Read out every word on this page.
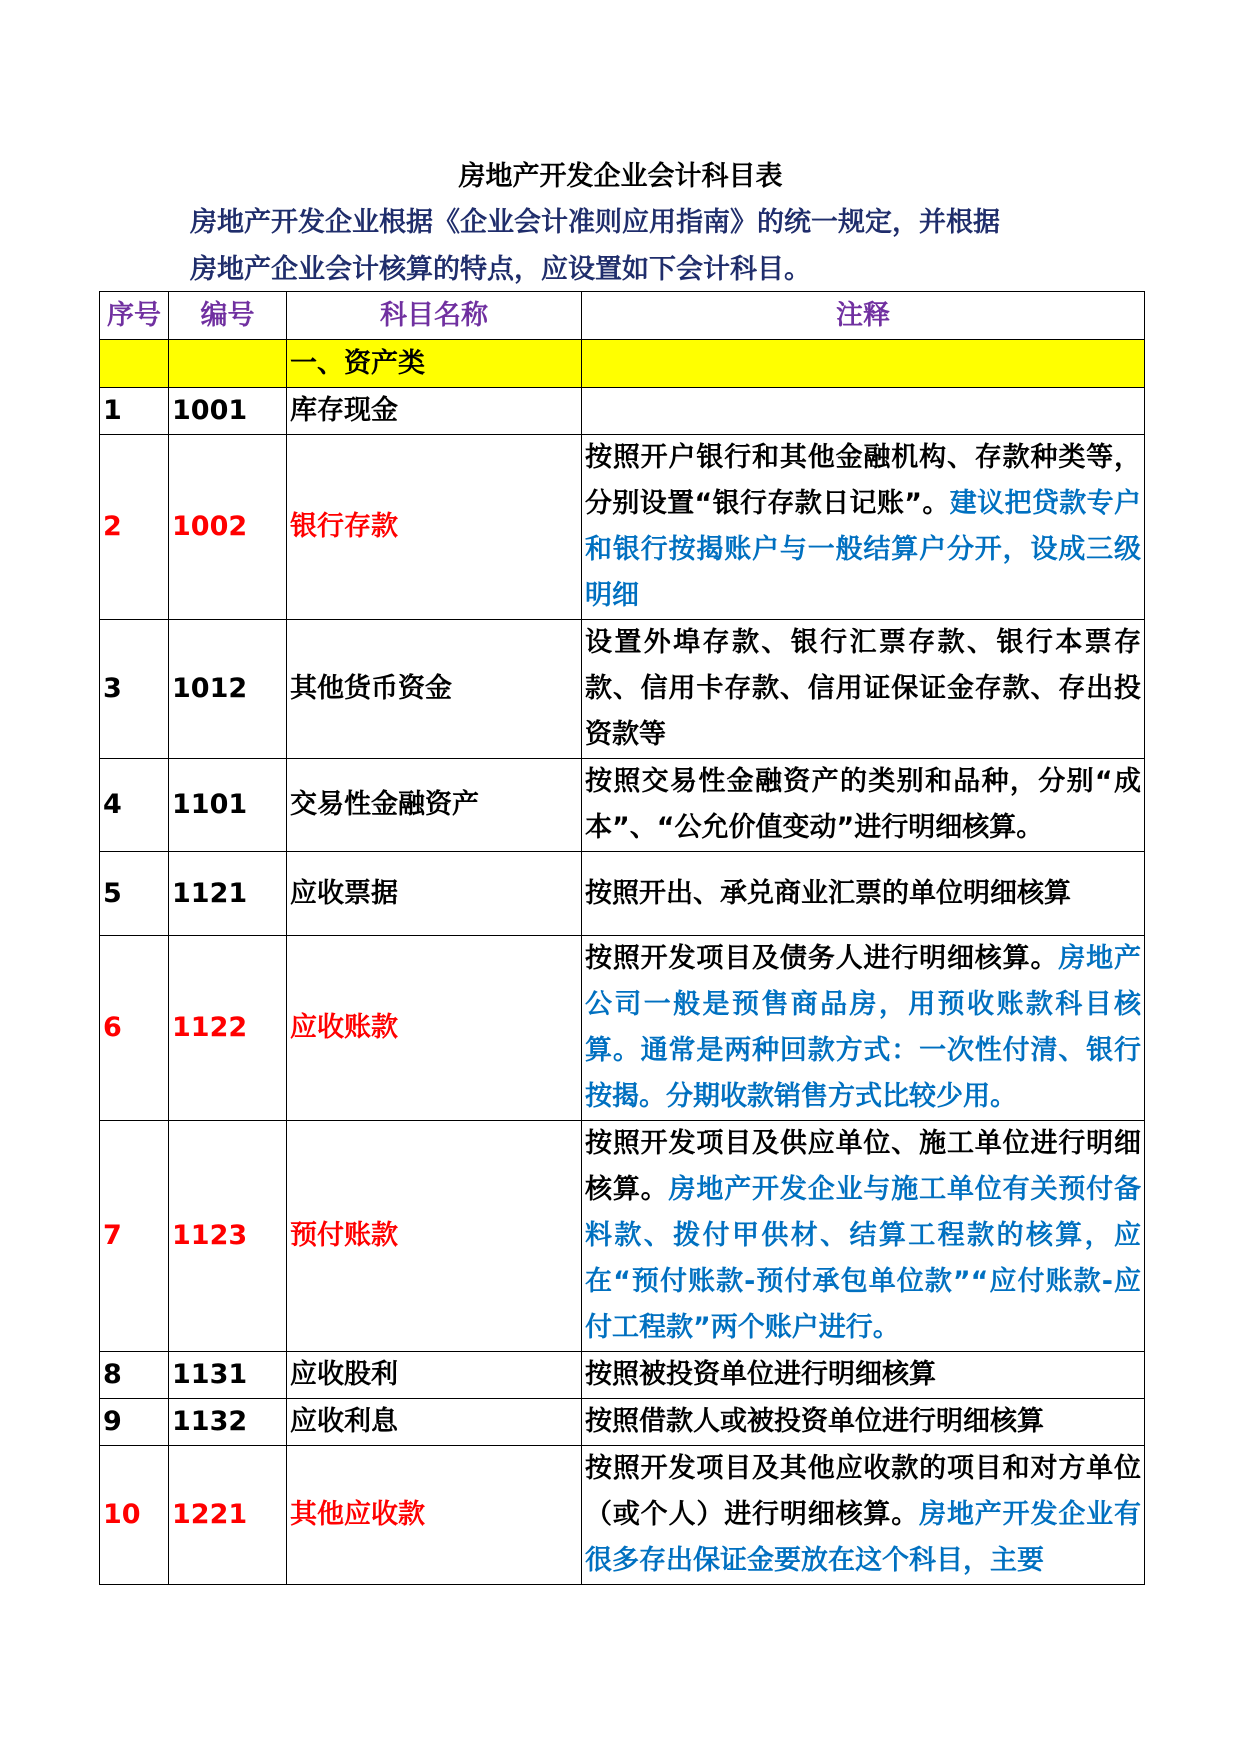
房地产开发企业会计科目表
房地产开发企业根据《企业会计准则应用指南》的统一规定，并根据
房地产企业会计核算的特点，应设置如下会计科目。
序号	编号	科目名称	注释
		一、资产类	
1	1001	库存现金	
2	1002	银行存款	按照开户银行和其他金融机构、存款种类等，分别设置“银行存款日记账”。建议把贷款专户和银行按揭账户与一般结算户分开，设成三级明细
3	1012	其他货币资金	设置外埠存款、银行汇票存款、银行本票存款、信用卡存款、信用证保证金存款、存出投资款等
4	1101	交易性金融资产	按照交易性金融资产的类别和品种，分别“成本”、“公允价值变动”进行明细核算。
5	1121	应收票据	按照开出、承兑商业汇票的单位明细核算
6	1122	应收账款	按照开发项目及债务人进行明细核算。房地产公司一般是预售商品房，用预收账款科目核算。通常是两种回款方式：一次性付清、银行按揭。分期收款销售方式比较少用。
7	1123	预付账款	按照开发项目及供应单位、施工单位进行明细核算。房地产开发企业与施工单位有关预付备料款、拨付甲供材、结算工程款的核算，应在“预付账款-预付承包单位款”“应付账款-应付工程款”两个账户进行。
8	1131	应收股利	按照被投资单位进行明细核算
9	1132	应收利息	按照借款人或被投资单位进行明细核算
10	1221	其他应收款	按照开发项目及其他应收款的项目和对方单位（或个人）进行明细核算。房地产开发企业有很多存出保证金要放在这个科目，主要
